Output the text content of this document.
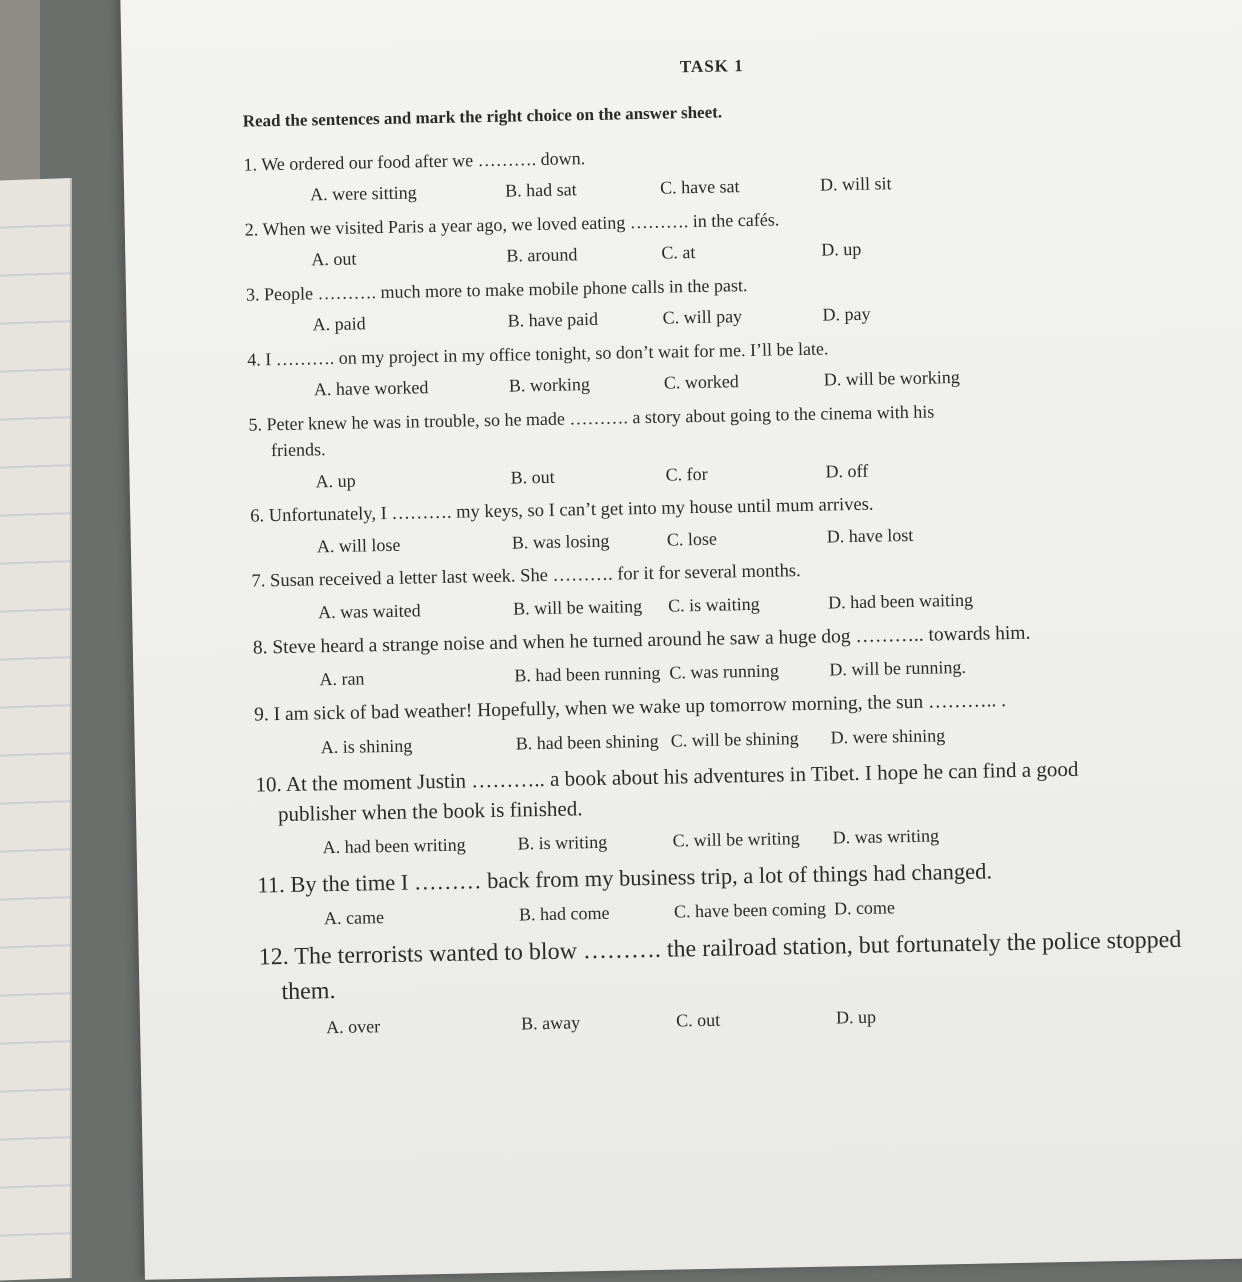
TASK 1
Read the sentences and mark the right choice on the answer sheet.
1. We ordered our food after we ………. down.
A. were sitting	B. had sat	C. have sat	D. will sit
2. When we visited Paris a year ago, we loved eating ………. in the cafés.
A. out	B. around	C. at	D. up
3. People ………. much more to make mobile phone calls in the past.
A. paid	B. have paid	C. will pay	D. pay
4. I ………. on my project in my office tonight, so don’t wait for me. I’ll be late.
A. have worked	B. working	C. worked	D. will be working
5. Peter knew he was in trouble, so he made ………. a story about going to the cinema with his
friends.
A. up	B. out	C. for	D. off
6. Unfortunately, I ………. my keys, so I can’t get into my house until mum arrives.
A. will lose	B. was losing	C. lose	D. have lost
7. Susan received a letter last week. She ………. for it for several months.
A. was waited	B. will be waiting	C. is waiting	D. had been waiting
8. Steve heard a strange noise and when he turned around he saw a huge dog ……….. towards him.
A. ran	B. had been running C. was running	D. will be running.
9. I am sick of bad weather! Hopefully, when we wake up tomorrow morning, the sun ……….. .
A. is shining	B. had been shining C. will be shining	D. were shining
10. At the moment Justin ……….. a book about his adventures in Tibet. I hope he can find a good
publisher when the book is finished.
A. had been writing	B. is writing	C. will be writing	D. was writing
11. By the time I ……… back from my business trip, a lot of things had changed.
A. came	B. had come	C. have been coming D. come
12. The terrorists wanted to blow ………. the railroad station, but fortunately the police stopped
them.
A. over	B. away	C. out	D. up
